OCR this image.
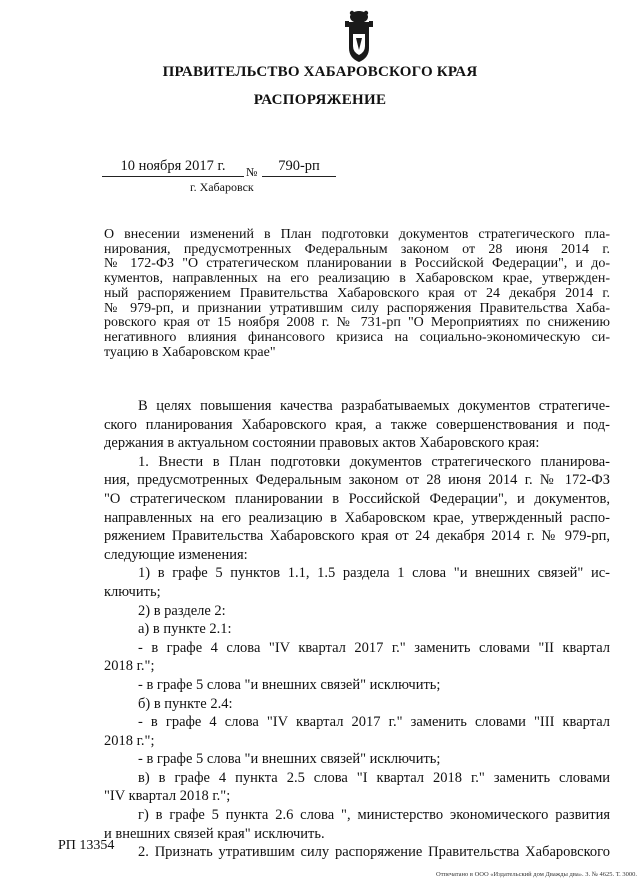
ПРАВИТЕЛЬСТВО ХАБАРОВСКОГО КРАЯ
РАСПОРЯЖЕНИЕ
10 ноября 2017 г.	№	790-рп
г. Хабаровск
О внесении изменений в План подготовки документов стратегического пла-
нирования, предусмотренных Федеральным законом от 28 июня 2014 г.
№ 172-ФЗ "О стратегическом планировании в Российской Федерации", и до-
кументов, направленных на его реализацию в Хабаровском крае, утвержден-
ный распоряжением Правительства Хабаровского края от 24 декабря 2014 г.
№ 979-рп, и признании утратившим силу распоряжения Правительства Хаба-
ровского края от 15 ноября 2008 г. № 731-рп "О Мероприятиях по снижению
негативного влияния финансового кризиса на социально-экономическую си-
туацию в Хабаровском крае"
В целях повышения качества разрабатываемых документов стратегиче-
ского планирования Хабаровского края, а также совершенствования и под-
держания в актуальном состоянии правовых актов Хабаровского края:
1. Внести в План подготовки документов стратегического планирова-
ния, предусмотренных Федеральным законом от 28 июня 2014 г. № 172-ФЗ
"О стратегическом планировании в Российской Федерации", и документов,
направленных на его реализацию в Хабаровском крае, утвержденный распо-
ряжением Правительства Хабаровского края от 24 декабря 2014 г. № 979-рп,
следующие изменения:
1) в графе 5 пунктов 1.1, 1.5 раздела 1 слова "и внешних связей" ис-
ключить;
2) в разделе 2:
а) в пункте 2.1:
- в графе 4 слова "IV квартал 2017 г." заменить словами "II квартал
2018 г.";
- в графе 5 слова "и внешних связей" исключить;
б) в пункте 2.4:
- в графе 4 слова "IV квартал 2017 г." заменить словами "III квартал
2018 г.";
- в графе 5 слова "и внешних связей" исключить;
в) в графе 4 пункта 2.5 слова "I квартал 2018 г." заменить словами
"IV квартал 2018 г.";
г) в графе 5 пункта 2.6 слова ", министерство экономического развития
и внешних связей края" исключить.
2. Признать утратившим силу распоряжение Правительства Хабаровского
РП 13354
Отпечатано в ООО «Издательский дом Дважды два». З. № 4625. Т. 3000.
